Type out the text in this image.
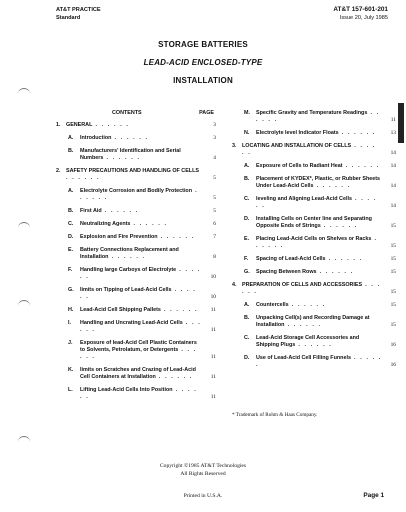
AT&T PRACTICE
Standard
AT&T 157-601-201
Issue 20, July 1985
STORAGE BATTERIES
LEAD-ACID ENCLOSED-TYPE
INSTALLATION
CONTENTS	PAGE
1. GENERAL . . . . . .	3
A. Introduction . . . . . .	3
B. Manufacturers' Identification and Serial Numbers . . . . . .	4
2. SAFETY PRECAUTIONS AND HANDLING OF CELLS . . . . . .	5
A. Electrolyte Corrosion and Bodily Protection . . . . . .	5
B. First Aid . . . . . .	5
C. Neutralizing Agents . . . . . .	6
D. Explosion and Fire Prevention . . . . . .	7
E. Battery Connections Replacement and Installation . . . . . .	8
F. Handling large Carboys of Electrolyte . . . . . .	10
G. limits on Tipping of Lead-Acid Cells . . . . . .	10
H. Lead-Acid Cell Shipping Pallets . . . . . . 11
I. Handling and Uncrating Lead-Acid Cells . . . . . .	11
J. Exposure of lead-Acid Cell Plastic Containers to Solvents, Petrolatum, or Detergents . . . . . .	11
K. limits on Scratches and Crazing of Lead-Acid Cell Containers at Installation . . . . . .	11
L. Lifting Lead-Acid Cells Into Position . . . . . .	11
M. Specific Gravity and Temperature Readings . . . . . .	11
N. Electrolyte level Indicator Floats . . . . . .	13
3. LOCATING AND INSTALLATION OF CELLS . . . . . .	14
A. Exposure of Cells to Radiant Heat . . . . . . 14
B. Placement of KYDEX*, Plastic, or Rubber Sheets Under Lead-Acid Cells . . . . . .	14
C. leveling and Aligning Lead-Acid Cells . . . . . .	14
D. Installing Cells on Center line and Separating Opposite Ends of Strings . . . . . .	15
E. Placing Lead-Acid Cells on Shelves or Racks . . . . . .	15
F. Spacing of Lead-Acid Cells . . . . . .	15
G. Spacing Between Rows . . . . . .	15
4. PREPARATION OF CELLS AND ACCESSORIES . . . . . .	15
A. Countercells . . . . . .	15
B. Unpacking Cell(s) and Recording Damage at Installation . . . . . .	15
C. Lead-Acid Storage Cell Accessories and Shipping Plugs . . . . . .	16
D. Use of Lead-Acid Cell Filling Funnels . . . . . .	16
* Trademark of Rohm & Haas Company.
Copyright ©1985 AT&T Technologies
All Rights Reserved
Printed in U.S.A.	Page 1
